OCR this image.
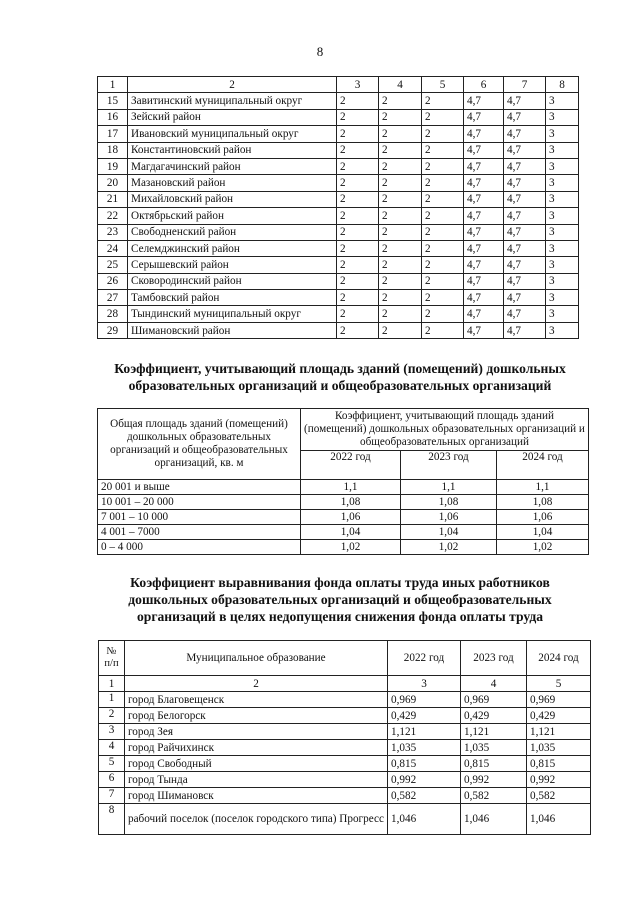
8
1	2	3	4	5	6	7	8
15	Завитинский муниципальный округ	2	2	2	4,7	4,7	3
16	Зейский район	2	2	2	4,7	4,7	3
17	Ивановский муниципальный округ	2	2	2	4,7	4,7	3
18	Константиновский район	2	2	2	4,7	4,7	3
19	Магдагачинский район	2	2	2	4,7	4,7	3
20	Мазановский район	2	2	2	4,7	4,7	3
21	Михайловский район	2	2	2	4,7	4,7	3
22	Октябрьский район	2	2	2	4,7	4,7	3
23	Свободненский район	2	2	2	4,7	4,7	3
24	Селемджинский район	2	2	2	4,7	4,7	3
25	Серышевский район	2	2	2	4,7	4,7	3
26	Сковородинский район	2	2	2	4,7	4,7	3
27	Тамбовский район	2	2	2	4,7	4,7	3
28	Тындинский муниципальный округ	2	2	2	4,7	4,7	3
29	Шимановский район	2	2	2	4,7	4,7	3
Коэффициент, учитывающий площадь зданий (помещений) дошкольных образовательных организаций и общеобразовательных организаций
Общая площадь зданий (помещений) дошкольных образовательных организаций и общеобразовательных организаций, кв. м	Коэффициент, учитывающий площадь зданий (помещений) дошкольных образовательных организаций и общеобразовательных организаций		
	2022 год	2023 год	2024 год
20 001 и выше	1,1	1,1	1,1
10 001 – 20 000	1,08	1,08	1,08
7 001 – 10 000	1,06	1,06	1,06
4 001 – 7000	1,04	1,04	1,04
0 – 4 000	1,02	1,02	1,02
Коэффициент выравнивания фонда оплаты труда иных работников дошкольных образовательных организаций и общеобразовательных организаций в целях недопущения снижения фонда оплаты труда
№ п/п	Муниципальное образование	2022 год	2023 год	2024 год
1	2	3	4	5
1	город Благовещенск	0,969	0,969	0,969
2	город Белогорск	0,429	0,429	0,429
3	город Зея	1,121	1,121	1,121
4	город Райчихинск	1,035	1,035	1,035
5	город Свободный	0,815	0,815	0,815
6	город Тында	0,992	0,992	0,992
7	город Шимановск	0,582	0,582	0,582
8	рабочий поселок (поселок городского типа) Прогресс	1,046	1,046	1,046
